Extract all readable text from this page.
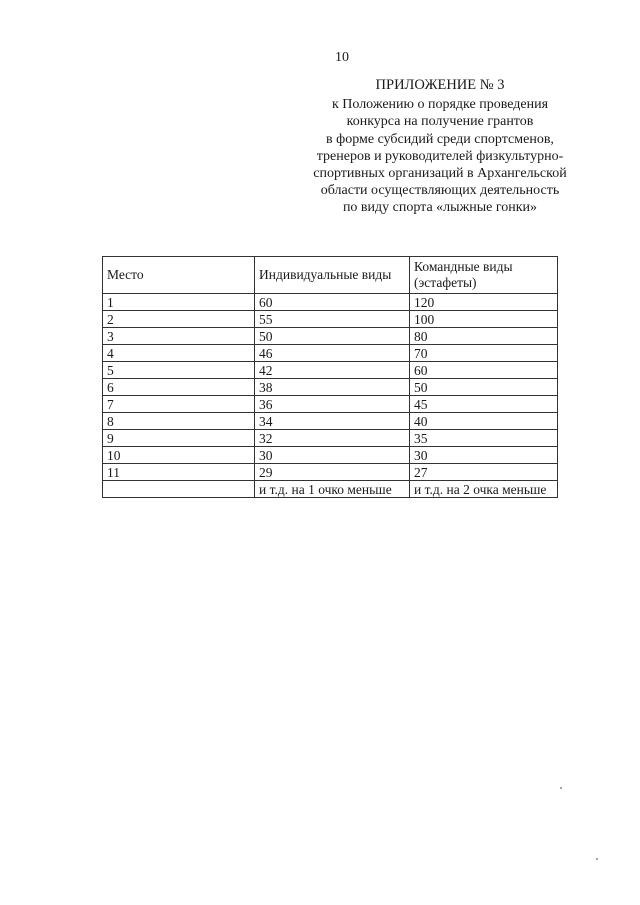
10
ПРИЛОЖЕНИЕ № 3
к Положению о порядке проведения
конкурса на получение грантов
в форме субсидий среди спортсменов,
тренеров и руководителей физкультурно-
спортивных организаций в Архангельской
области осуществляющих деятельность
по виду спорта «лыжные гонки»
Место	Индивидуальные виды	Командные виды (эстафеты)
1	60	120
2	55	100
3	50	80
4	46	70
5	42	60
6	38	50
7	36	45
8	34	40
9	32	35
10	30	30
11	29	27
	и т.д. на 1 очко меньше	и т.д. на 2 очка меньше
